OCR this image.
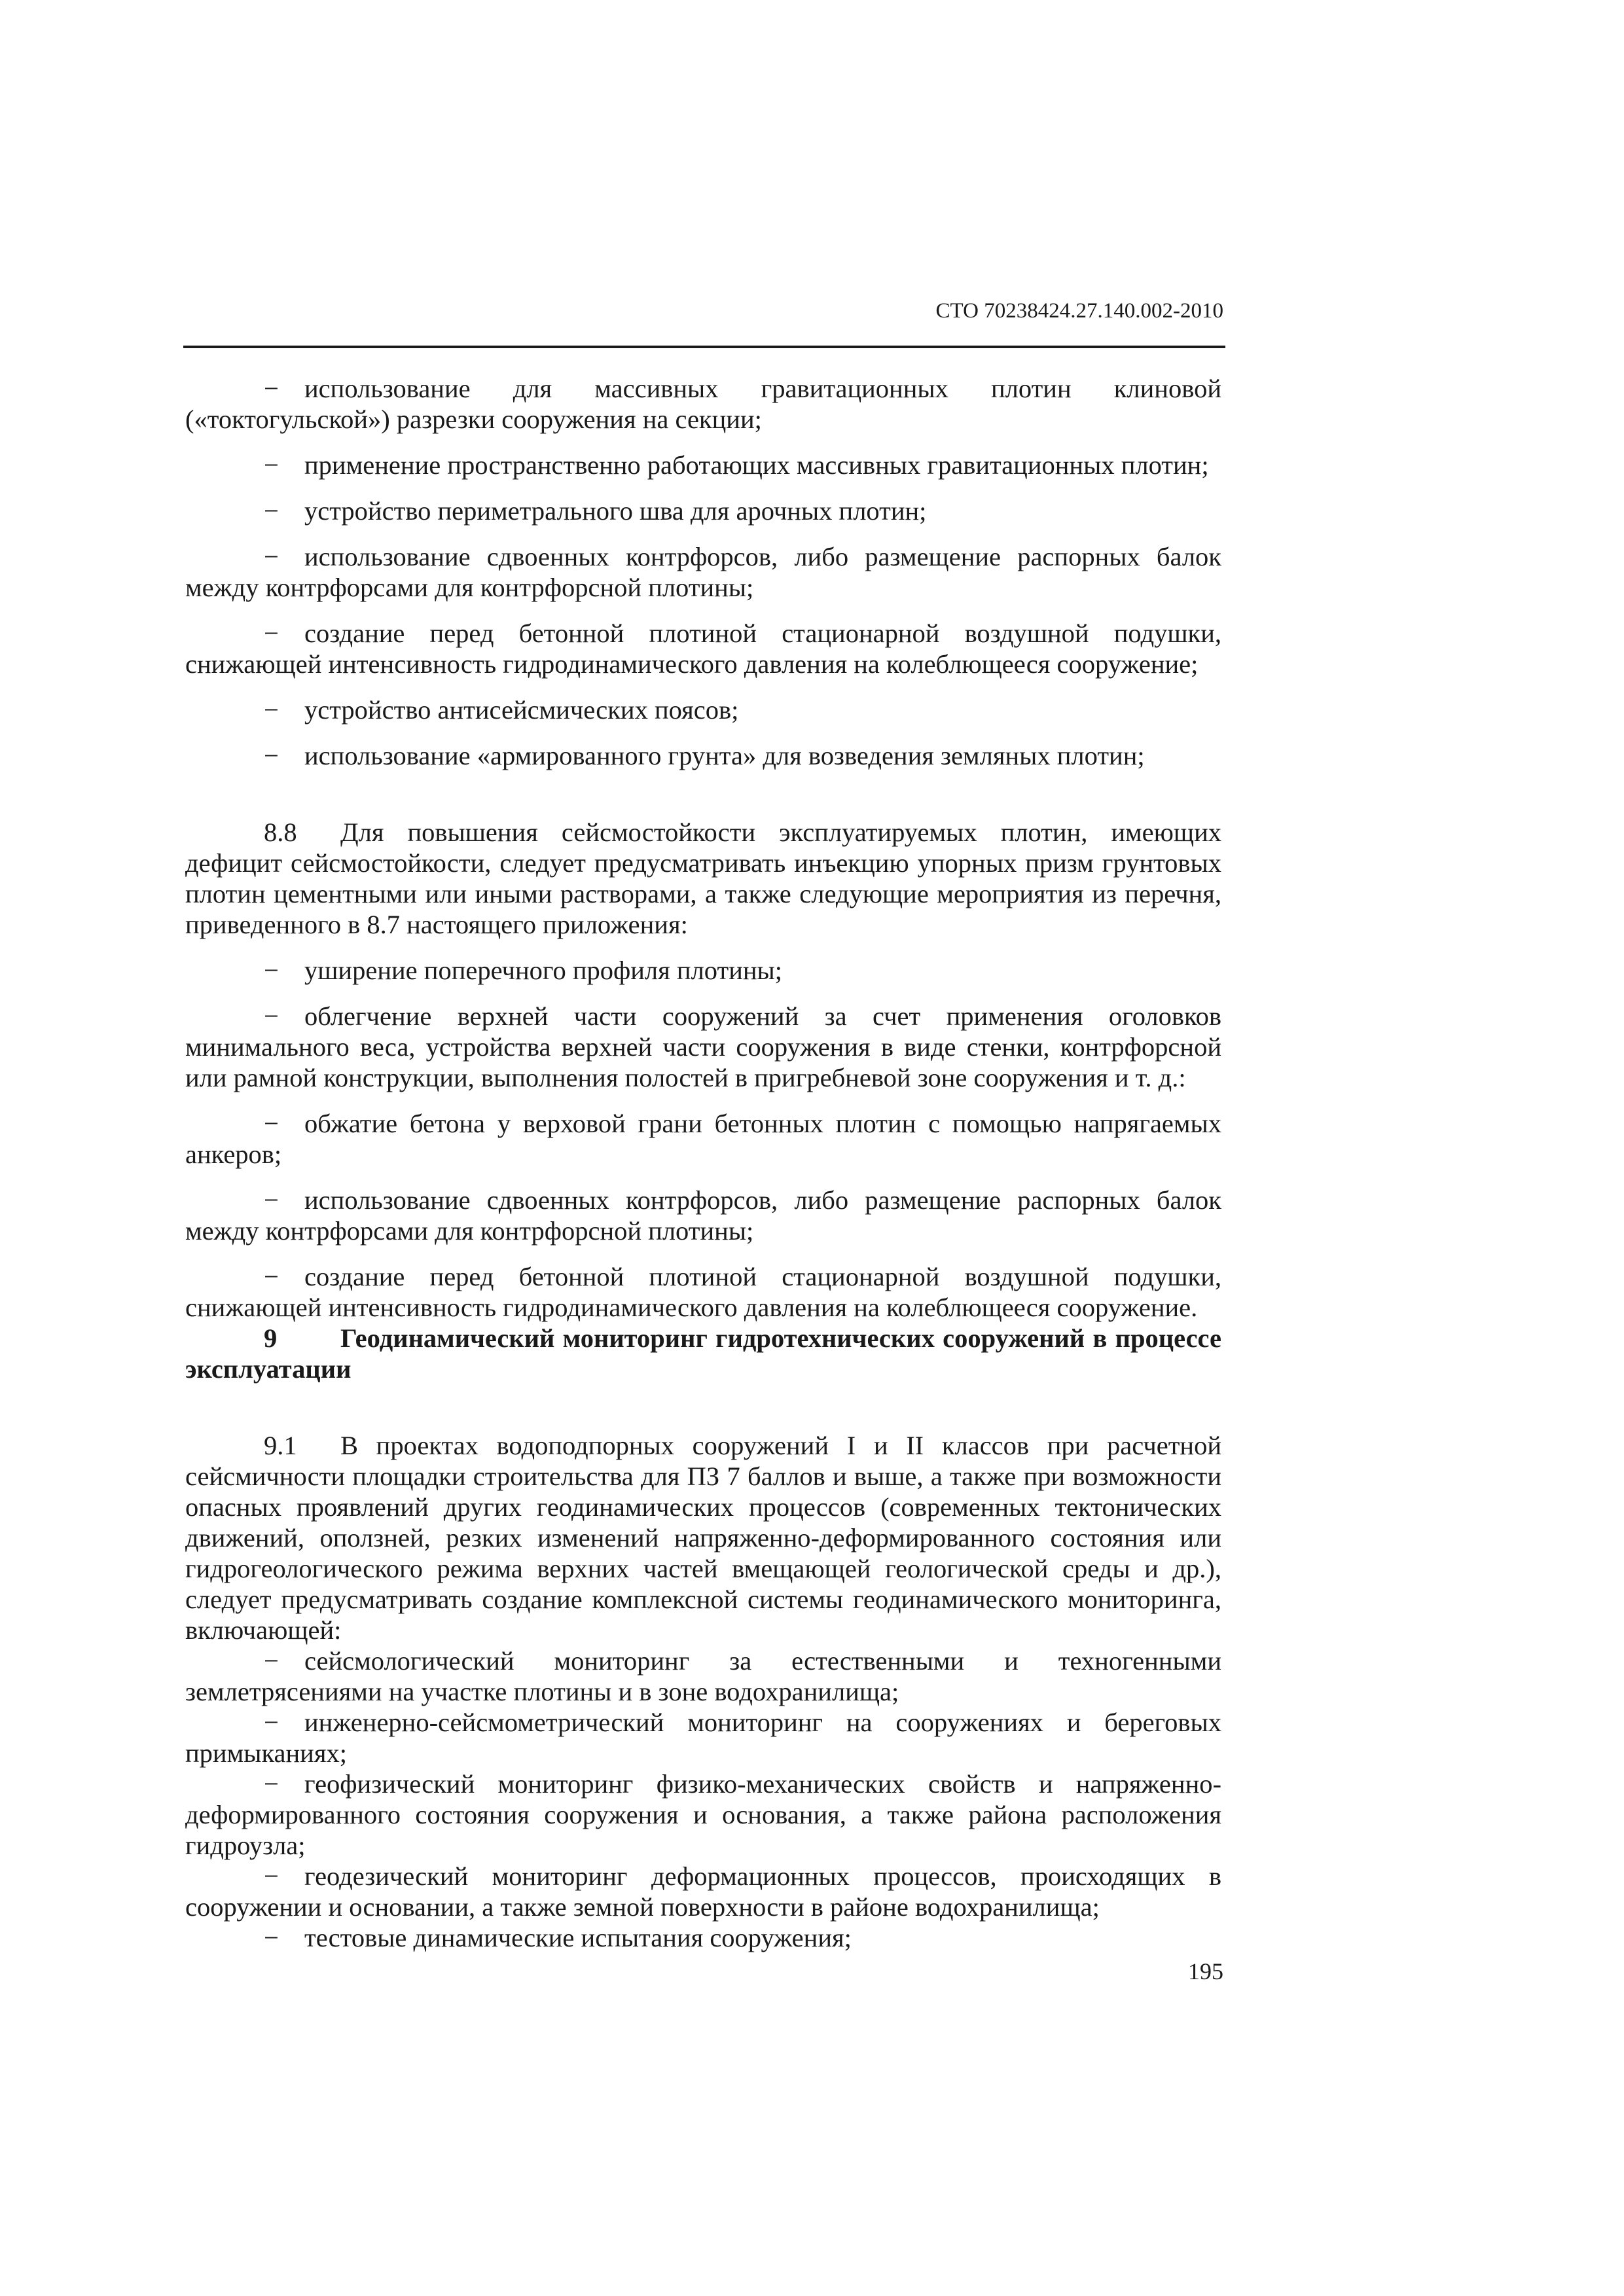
СТО 70238424.27.140.002-2010

− использование для массивных гравитационных плотин клиновой («токтогульской») разрезки сооружения на секции;

− применение пространственно работающих массивных гравитационных плотин;

− устройство периметрального шва для арочных плотин;

− использование сдвоенных контрфорсов, либо размещение распорных балок между контрфорсами для контрфорсной плотины;

− создание перед бетонной плотиной стационарной воздушной подушки, снижающей интенсивность гидродинамического давления на колеблющееся сооружение;

− устройство антисейсмических поясов;

− использование «армированного грунта» для возведения земляных плотин;

8.8 Для повышения сейсмостойкости эксплуатируемых плотин, имеющих дефицит сейсмостойкости, следует предусматривать инъекцию упорных призм грунтовых плотин цементными или иными растворами, а также следующие мероприятия из перечня, приведенного в 8.7 настоящего приложения:

− уширение поперечного профиля плотины;

− облегчение верхней части сооружений за счет применения оголовков минимального веса, устройства верхней части сооружения в виде стенки, контрфорсной или рамной конструкции, выполнения полостей в пригребневой зоне сооружения и т. д.:

− обжатие бетона у верховой грани бетонных плотин с помощью напрягаемых анкеров;

− использование сдвоенных контрфорсов, либо размещение распорных балок между контрфорсами для контрфорсной плотины;

− создание перед бетонной плотиной стационарной воздушной подушки, снижающей интенсивность гидродинамического давления на колеблющееся сооружение.

9 Геодинамический мониторинг гидротехнических сооружений в процессе эксплуатации

9.1 В проектах водоподпорных сооружений I и II классов при расчетной сейсмичности площадки строительства для ПЗ 7 баллов и выше, а также при возможности опасных проявлений других геодинамических процессов (современных тектонических движений, оползней, резких изменений напряженно-деформированного состояния или гидрогеологического режима верхних частей вмещающей геологической среды и др.), следует предусматривать создание комплексной системы геодинамического мониторинга, включающей:

− сейсмологический мониторинг за естественными и техногенными землетрясениями на участке плотины и в зоне водохранилища;

− инженерно-сейсмометрический мониторинг на сооружениях и береговых примыканиях;

− геофизический мониторинг физико-механических свойств и напряженно-деформированного состояния сооружения и основания, а также района расположения гидроузла;

− геодезический мониторинг деформационных процессов, происходящих в сооружении и основании, а также земной поверхности в районе водохранилища;

− тестовые динамические испытания сооружения;

195
